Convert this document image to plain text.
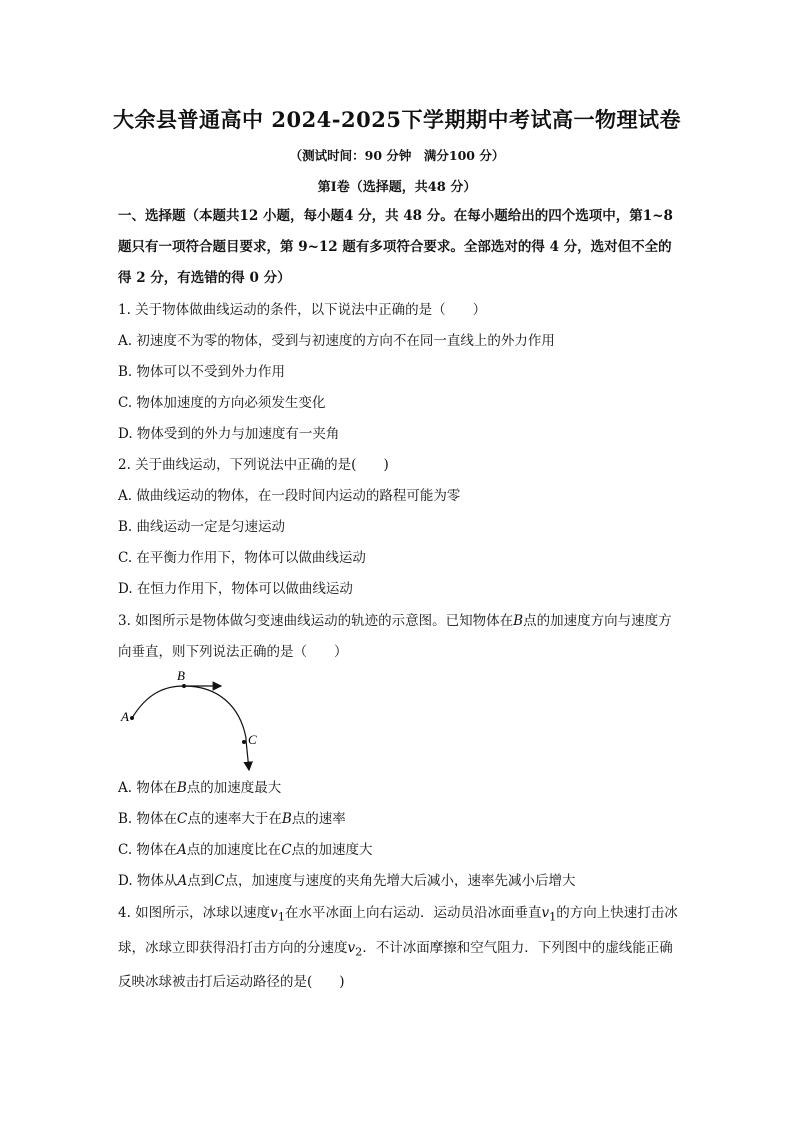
大余县普通高中 2024-2025下学期期中考试高一物理试卷
（测试时间：90 分钟　满分100 分）
第Ⅰ卷（选择题，共48 分）
一、选择题（本题共12 小题，每小题4 分，共 48 分。在每小题给出的四个选项中，第1~8 题只有一项符合题目要求，第 9~12 题有多项符合要求。全部选对的得 4 分，选对但不全的得 2 分，有选错的得 0 分）
1. 关于物体做曲线运动的条件，以下说法中正确的是（　　）
A. 初速度不为零的物体，受到与初速度的方向不在同一直线上的外力作用
B. 物体可以不受到外力作用
C. 物体加速度的方向必须发生变化
D. 物体受到的外力与加速度有一夹角
2. 关于曲线运动，下列说法中正确的是(　　)
A. 做曲线运动的物体，在一段时间内运动的路程可能为零
B. 曲线运动一定是匀速运动
C. 在平衡力作用下，物体可以做曲线运动
D. 在恒力作用下，物体可以做曲线运动
3. 如图所示是物体做匀变速曲线运动的轨迹的示意图。已知物体在B点的加速度方向与速度方向垂直，则下列说法正确的是（　　）
A
B
C
A. 物体在B点的加速度最大
B. 物体在C点的速率大于在B点的速率
C. 物体在A点的加速度比在C点的加速度大
D. 物体从A点到C点，加速度与速度的夹角先增大后减小，速率先减小后增大
4. 如图所示，冰球以速度$v_1$在水平冰面上向右运动．运动员沿冰面垂直$v_1$的方向上快速打击冰球，冰球立即获得沿打击方向的分速度$v_2$．不计冰面摩擦和空气阻力．下列图中的虚线能正确反映冰球被击打后运动路径的是(　　)
